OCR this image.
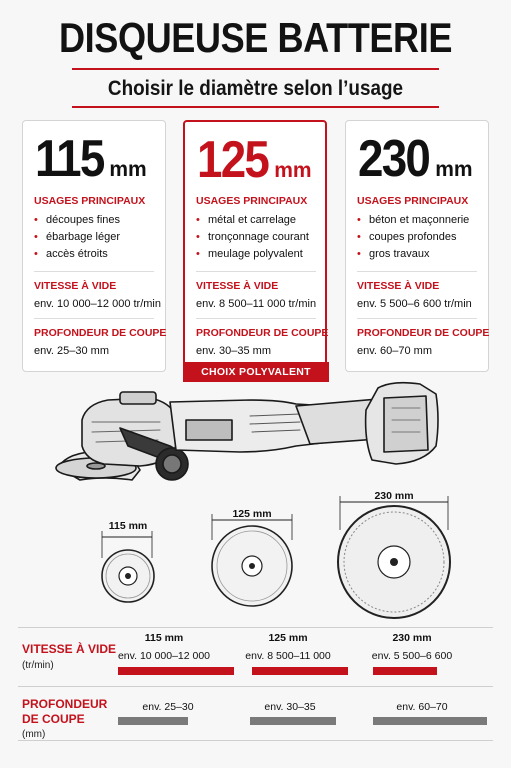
DISQUEUSE BATTERIE
Choisir le diamètre selon l’usage
115 mm 125 mm
CHOIX POLYVALENT
230 mm
USAGES PRINCIPAUX
• découpes fines
• ébarbage léger
• accès étroits
VITESSE À VIDE
env. 10 000–12 000 tr/min
PROFONDEUR DE COUPE
env. 25–30 mm
USAGES PRINCIPAUX
• métal et carrelage
• tronçonnage courant
• meulage polyvalent
VITESSE À VIDE
env. 8 500–11 000 tr/min
PROFONDEUR DE COUPE
env. 30–35 mm
USAGES PRINCIPAUX
• béton et maçonnerie
• coupes profondes
• gros travaux
VITESSE À VIDE
env. 5 500–6 600 tr/min
PROFONDEUR DE COUPE
env. 60–70 mm
115 mm
125 mm
230 mm
VITESSE À VIDE
(tr/min)
115 mm	125 mm	230 mm
env. 10 000–12 000	env. 8 500–11 000	env. 5 500–6 600
PROFONDEUR
DE COUPE
(mm)
env. 25–30	env. 30–35	env. 60–70
